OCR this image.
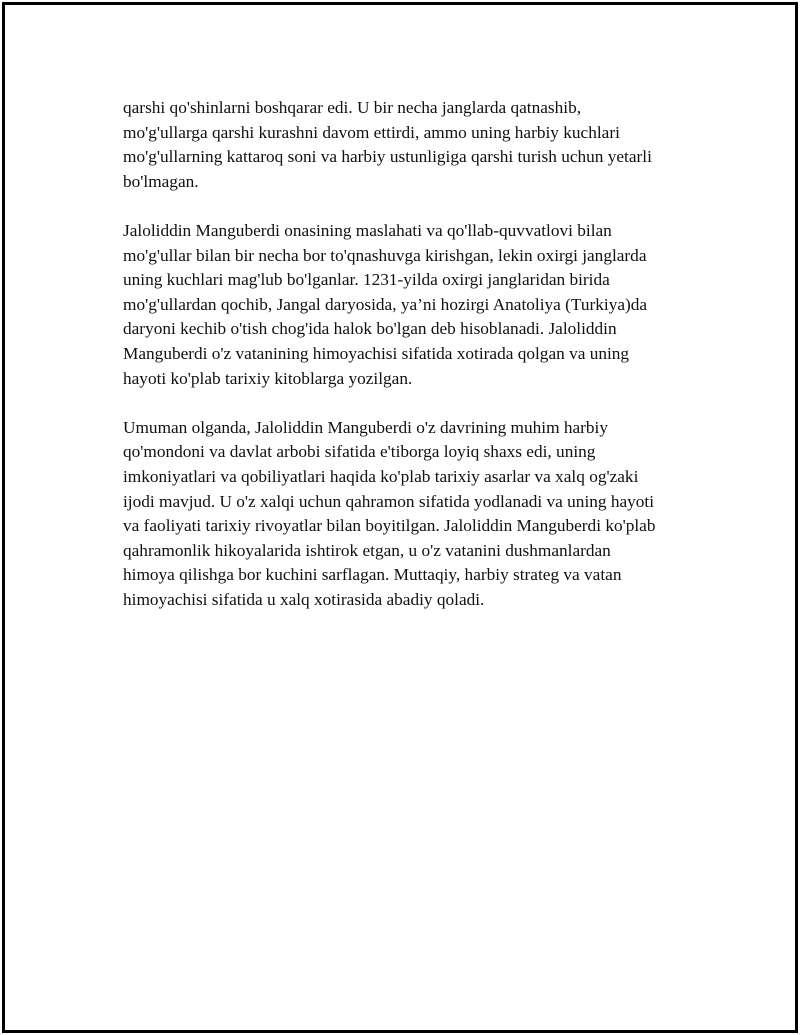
qarshi qo'shinlarni boshqarar edi. U bir necha janglarda qatnashib,
mo'g'ullarga qarshi kurashni davom ettirdi, ammo uning harbiy kuchlari
mo'g'ullarning kattaroq soni va harbiy ustunligiga qarshi turish uchun yetarli
bo'lmagan.

Jaloliddin Manguberdi onasining maslahati va qo'llab-quvvatlovi bilan
mo'g'ullar bilan bir necha bor to'qnashuvga kirishgan, lekin oxirgi janglarda
uning kuchlari mag'lub bo'lganlar. 1231-yilda oxirgi janglaridan birida
mo'g'ullardan qochib, Jangal daryosida, ya’ni hozirgi Anatoliya (Turkiya)da
daryoni kechib o'tish chog'ida halok bo'lgan deb hisoblanadi. Jaloliddin
Manguberdi o'z vatanining himoyachisi sifatida xotirada qolgan va uning
hayoti ko'plab tarixiy kitoblarga yozilgan.

Umuman olganda, Jaloliddin Manguberdi o'z davrining muhim harbiy
qo'mondoni va davlat arbobi sifatida e'tiborga loyiq shaxs edi, uning
imkoniyatlari va qobiliyatlari haqida ko'plab tarixiy asarlar va xalq og'zaki
ijodi mavjud. U o'z xalqi uchun qahramon sifatida yodlanadi va uning hayoti
va faoliyati tarixiy rivoyatlar bilan boyitilgan. Jaloliddin Manguberdi ko'plab
qahramonlik hikoyalarida ishtirok etgan, u o'z vatanini dushmanlardan
himoya qilishga bor kuchini sarflagan. Muttaqiy, harbiy strateg va vatan
himoyachisi sifatida u xalq xotirasida abadiy qoladi.
